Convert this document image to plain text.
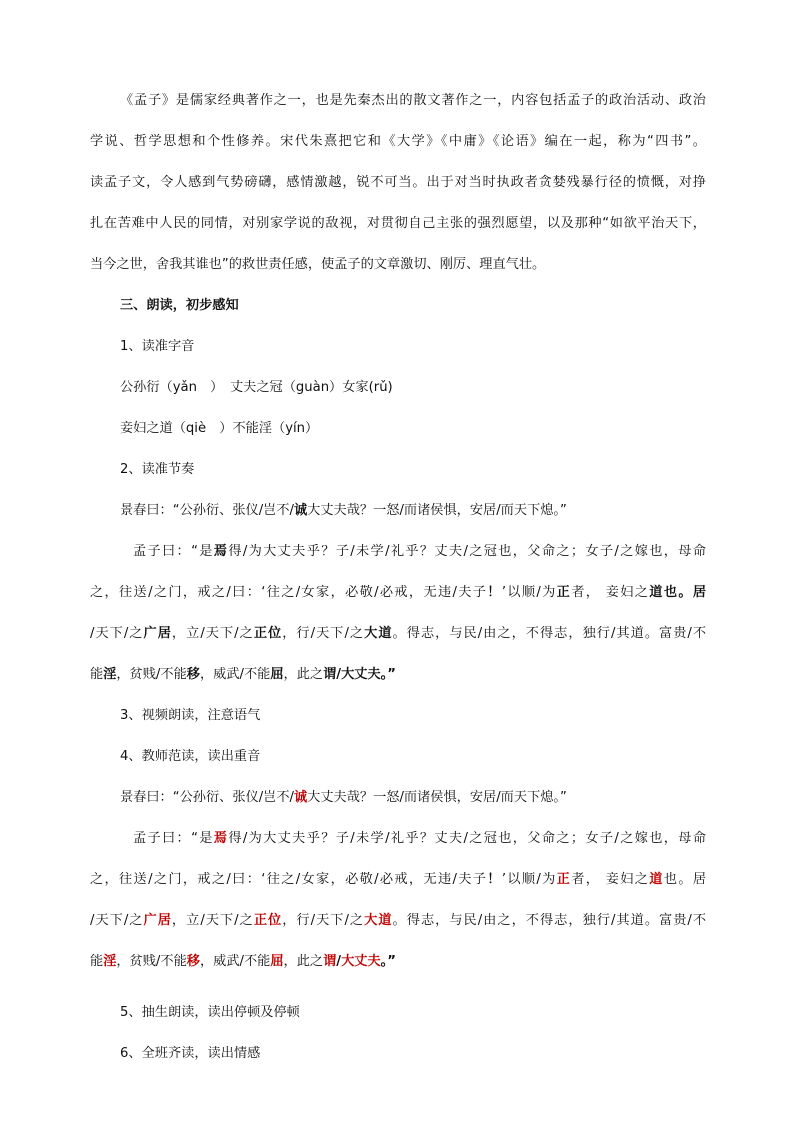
《孟子》是儒家经典著作之一，也是先秦杰出的散文著作之一，内容包括孟子的政治活动、政治
学说、哲学思想和个性修养。宋代朱熹把它和《大学》《中庸》《论语》编在一起，称为“四书”。
读孟子文，令人感到气势磅礴，感情激越，锐不可当。出于对当时执政者贪婪残暴行径的愤慨，对挣
扎在苦难中人民的同情，对别家学说的敌视，对贯彻自己主张的强烈愿望，以及那种“如欲平治天下，
当今之世，舍我其谁也”的救世责任感，使孟子的文章激切、刚厉、理直气壮。
三、朗读，初步感知
1、读准字音
公孙衍（yǎn　）　丈夫之冠（guàn）女家(rǔ)
妾妇之道（qiè　）不能淫（yín）
2、读准节奏
景春曰：“公孙衍、张仪/岂不/诚大丈夫哉？一怒/而诸侯惧，安居/而天下熄。”
孟子曰：“是焉得/为大丈夫乎？子/未学/礼乎？丈夫/之冠也，父命之；女子/之嫁也，母命
之，往送/之门，戒之/曰：‘往之/女家，必敬/必戒，无违/夫子！’以顺/为正者， 妾妇之道也。居
/天下/之广居，立/天下/之正位，行/天下/之大道。得志，与民/由之，不得志，独行/其道。富贵/不
能淫，贫贱/不能移，威武/不能屈，此之谓/大丈夫。”
3、视频朗读，注意语气
4、教师范读，读出重音
景春曰：“公孙衍、张仪/岂不/诚大丈夫哉？一怒/而诸侯惧，安居/而天下熄。”
孟子曰：“是焉得/为大丈夫乎？子/未学/礼乎？丈夫/之冠也，父命之；女子/之嫁也，母命
之，往送/之门，戒之/曰：‘往之/女家，必敬/必戒，无违/夫子！’以顺/为正者， 妾妇之道也。居
/天下/之广居，立/天下/之正位，行/天下/之大道。得志，与民/由之，不得志，独行/其道。富贵/不
能淫，贫贱/不能移，威武/不能屈，此之谓/大丈夫。”
5、抽生朗读，读出停顿及停顿
6、全班齐读，读出情感
